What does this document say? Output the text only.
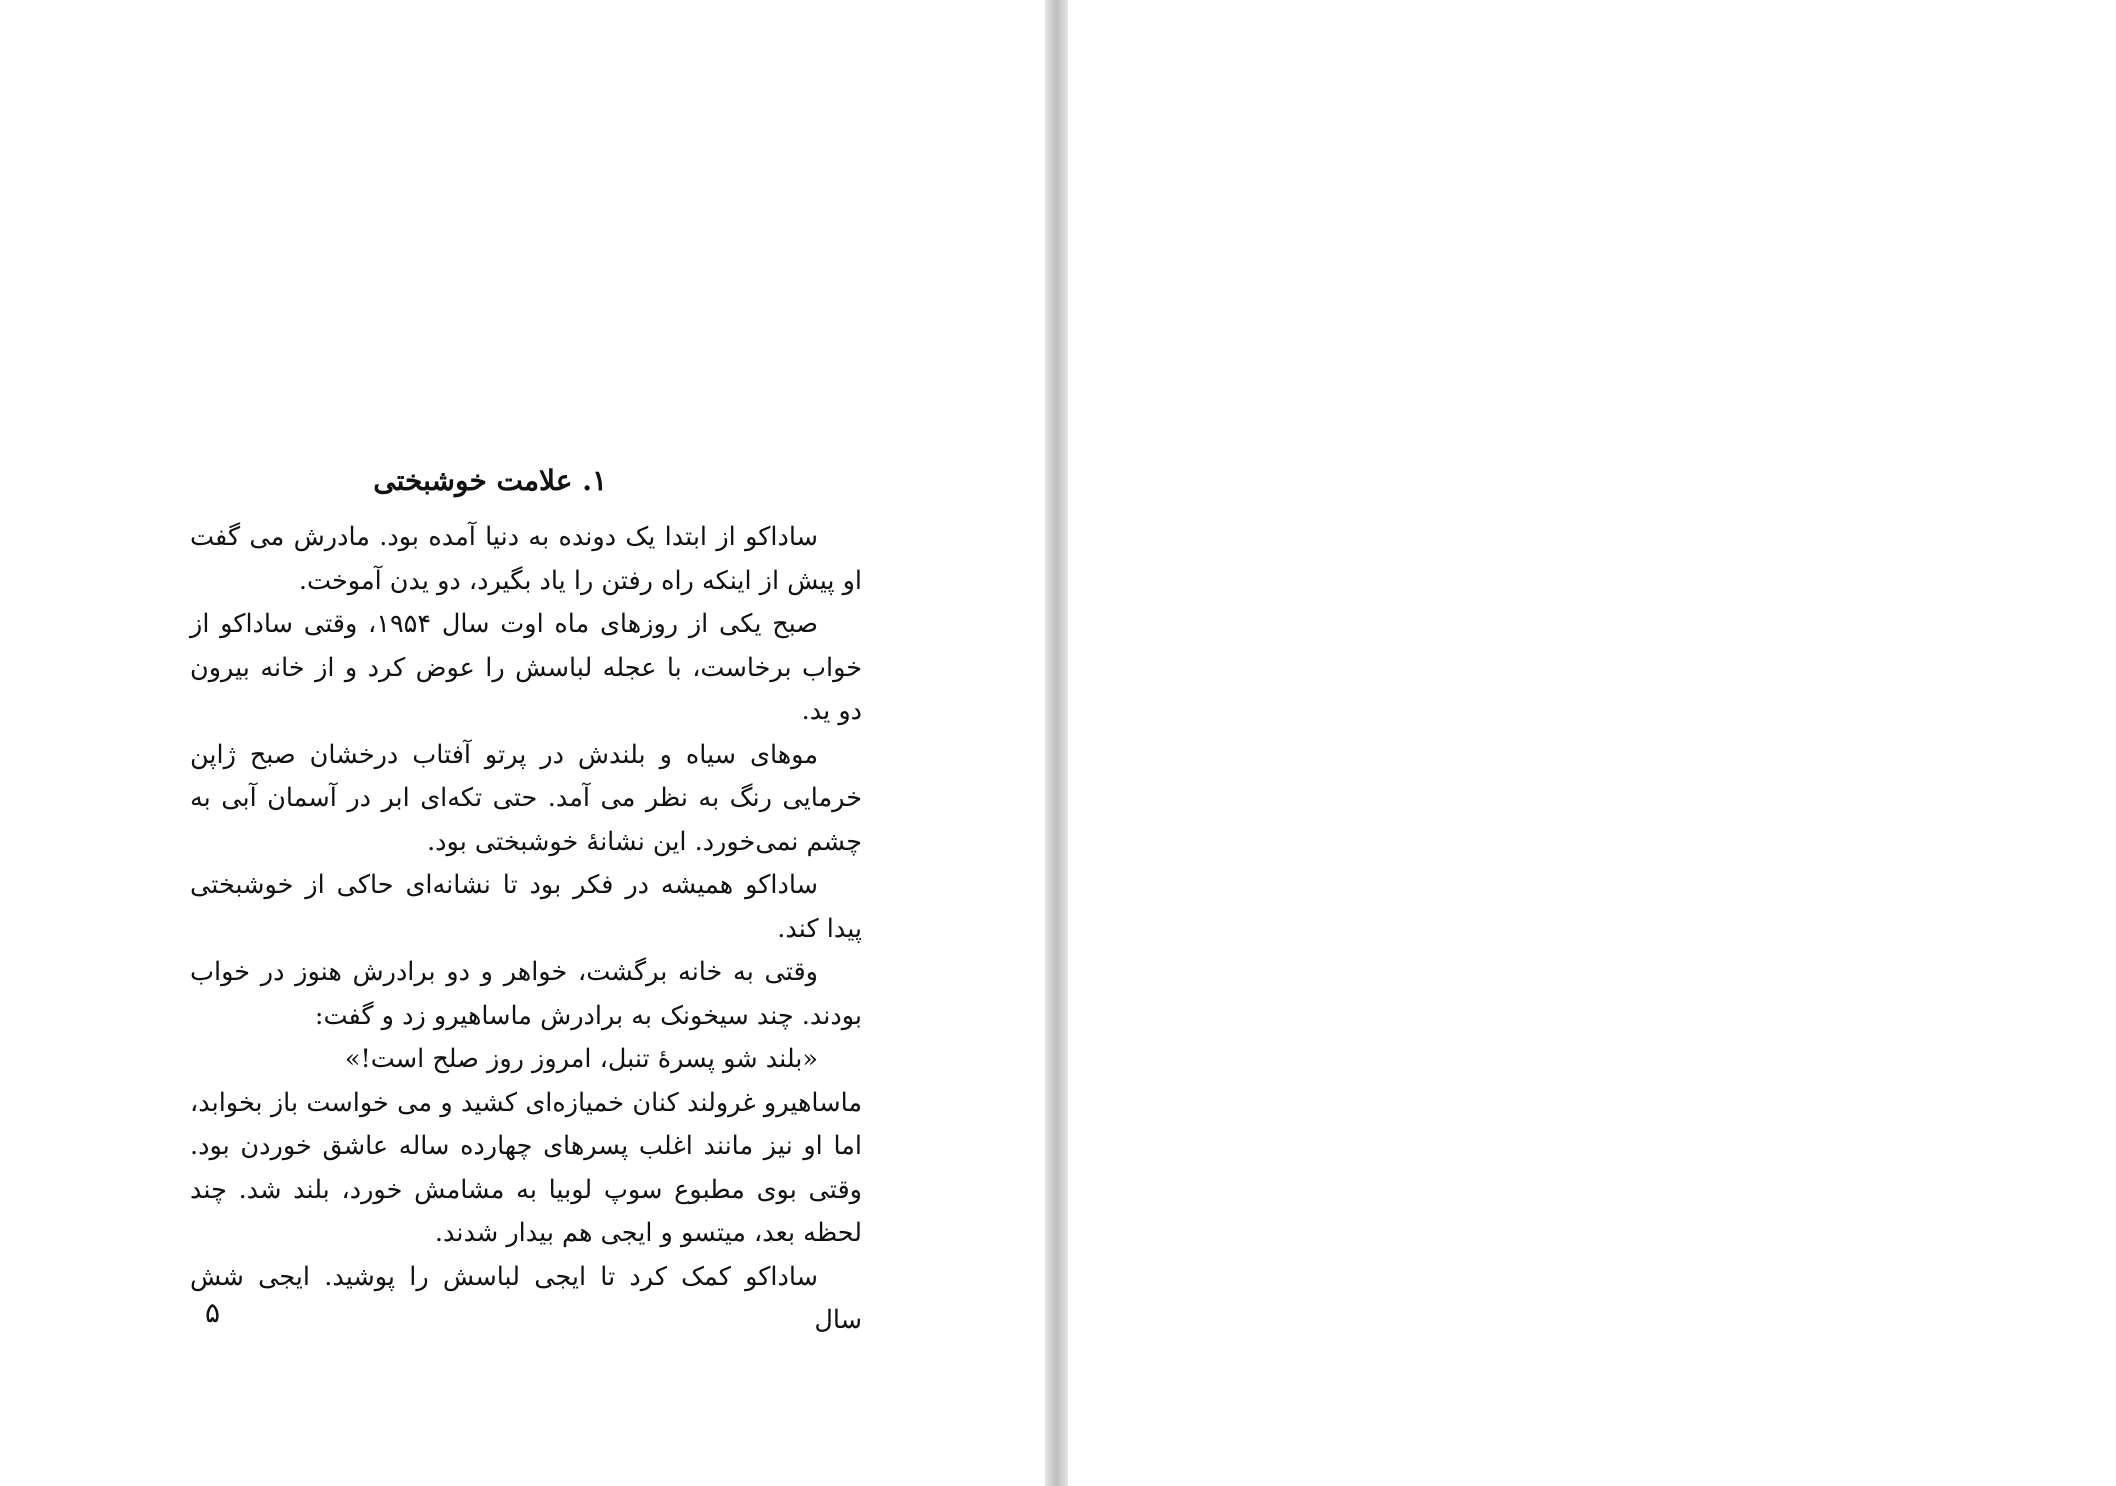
۱. علامت خوشبختی

ساداکو از ابتدا یک دونده به دنیا آمده بود. مادرش می گفت او پیش از اینکه راه رفتن را یاد بگیرد، دو یدن آموخت.

صبح یکی از روزهای ماه اوت سال ۱۹۵۴، وقتی ساداکو از خواب برخاست، با عجله لباسش را عوض کرد و از خانه بیرون دو ید.

موهای سیاه و بلندش در پرتو آفتاب درخشان صبح ژاپن خرمایی رنگ به نظر می آمد. حتی تکه‌ای ابر در آسمان آبی به چشم نمی‌خورد. این نشانهٔ خوشبختی بود.

ساداکو همیشه در فکر بود تا نشانه‌ای حاکی از خوشبختی پیدا کند.

وقتی به خانه برگشت، خواهر و دو برادرش هنوز در خواب بودند. چند سیخونک به برادرش ماساهیرو زد و گفت:

«بلند شو پسرهٔ تنبل، امروز روز صلح است!»

ماساهیرو غرولند کنان خمیازه‌ای کشید و می خواست باز بخوابد، اما او نیز مانند اغلب پسرهای چهارده ساله عاشق خوردن بود. وقتی بوی مطبوع سوپ لوبیا به مشامش خورد، بلند شد. چند لحظه بعد، میتسو و ایجی هم بیدار شدند.

ساداکو کمک کرد تا ایجی لباسش را پوشید. ایجی شش سال

۵
